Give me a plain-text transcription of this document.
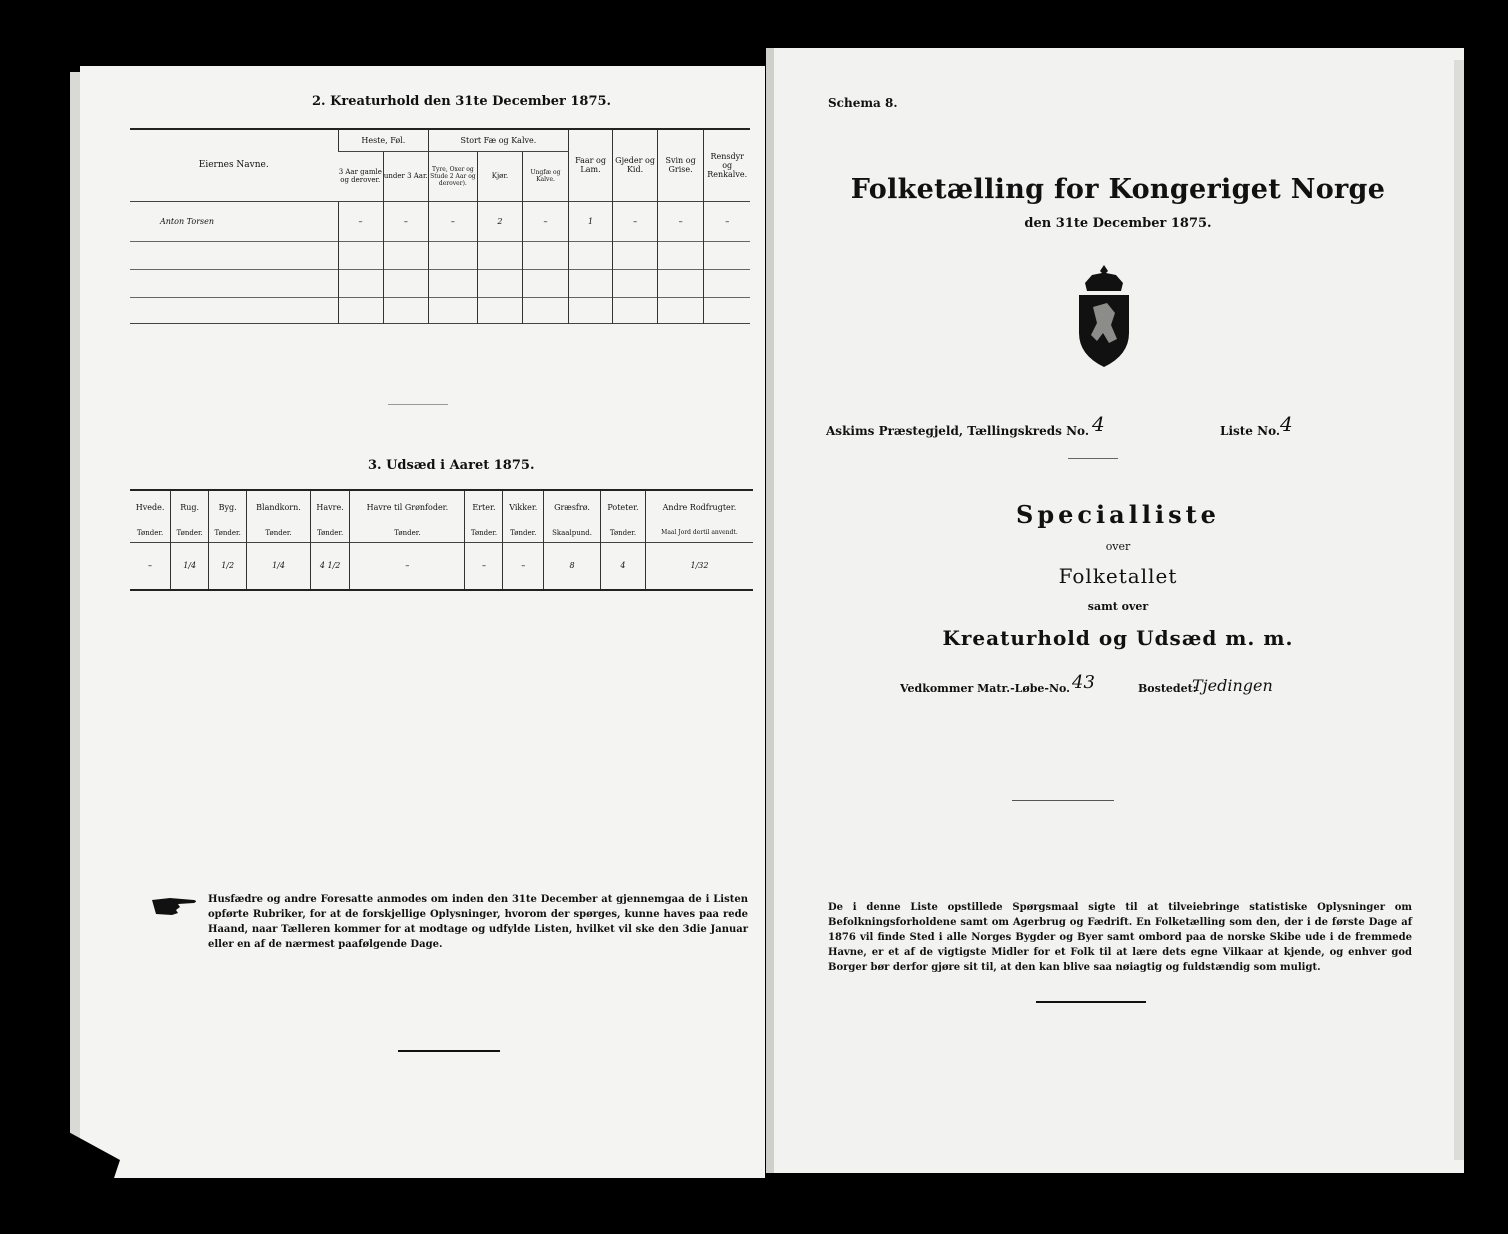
2. Kreaturhold den 31te December 1875.
Eiernes Navne.	Heste, Føl.		Stort Fæ og Kalve.			Faar og Lam.	Gjeder og Kid.	Svin og Grise.	Rensdyr og Renkalve.
	3 Aar gamle og derover.	under 3 Aar.	Tyre, Oxer og Stude 2 Aar og derover).	Kjør.	Ungfæ og Kalve.				
Anton Torsen	–	–	–	2	–	1	–	–	–

3. Udsæd i Aaret 1875.
Hvede.	Rug.	Byg.	Blandkorn.	Havre.	Havre til Grønfoder.	Erter.	Vikker.	Græsfrø.	Poteter.	Andre Rodfrugter.
Tønder.	Tønder.	Tønder.	Tønder.	Tønder.	Tønder.	Tønder.	Tønder.	Skaalpund.	Tønder.	Maal Jord dertil anvendt.
–	1/4	1/2	1/4	4 1/2	–	–	–	8	4	1/32
Husfædre og andre Foresatte anmodes om inden den 31te December at gjennemgaa de i Listen opførte Rubriker, for at de forskjellige Oplysninger, hvorom der spørges, kunne haves paa rede Haand, naar Tælleren kommer for at modtage og udfylde Listen, hvilket vil ske den 3die Januar eller en af de nærmest paafølgende Dage.
Schema 8.
Folketælling for Kongeriget Norge
den 31te December 1875.
Askims Præstegjeld, Tællingskreds No. 4	Liste No. 4
Specialliste
over
Folketallet
samt over
Kreaturhold og Udsæd m. m.
Vedkommer Matr.-Løbe-No. 43	Bostedet:
Tjedingen
De i denne Liste opstillede Spørgsmaal sigte til at tilveiebringe statistiske Oplysninger om Befolkningsforholdene samt om Agerbrug og Fædrift. En Folketælling som den, der i de første Dage af 1876 vil finde Sted i alle Norges Bygder og Byer samt ombord paa de norske Skibe ude i de fremmede Havne, er et af de vigtigste Midler for et Folk til at lære dets egne Vilkaar at kjende, og enhver god Borger bør derfor gjøre sit til, at den kan blive saa nøiagtig og fuldstændig som muligt.
